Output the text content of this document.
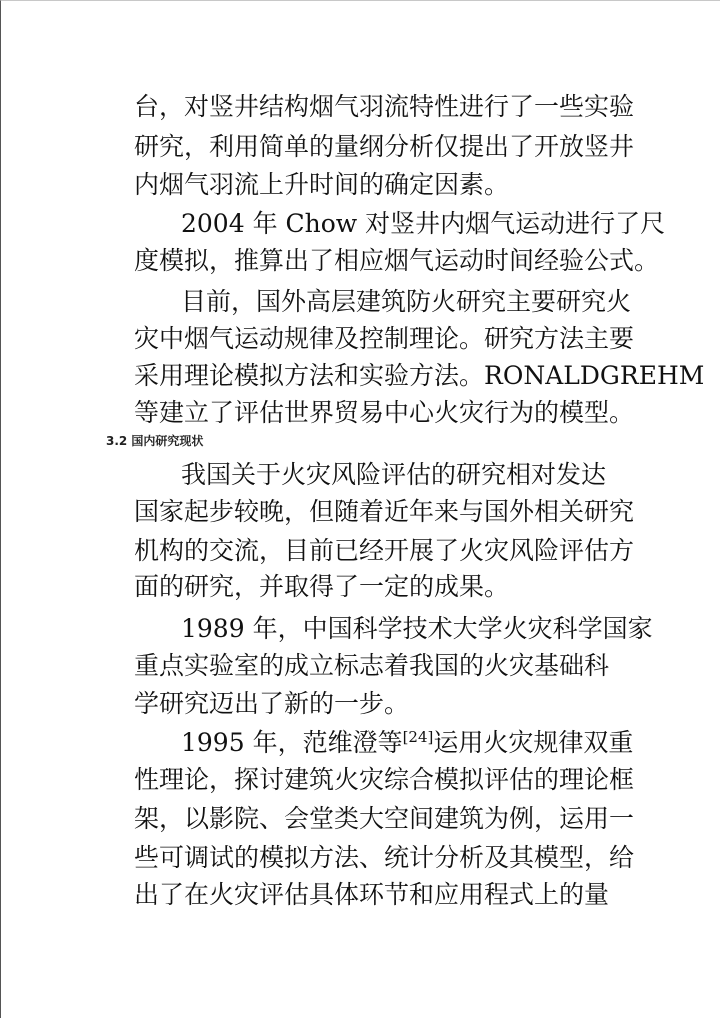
台，对竖井结构烟气羽流特性进行了一些实验

研究，利用简单的量纲分析仅提出了开放竖井

内烟气羽流上升时间的确定因素。

2004 年 Chow 对竖井内烟气运动进行了尺

度模拟，推算出了相应烟气运动时间经验公式。

目前，国外高层建筑防火研究主要研究火

灾中烟气运动规律及控制理论。研究方法主要

采用理论模拟方法和实验方法。RONALDGREHM

等建立了评估世界贸易中心火灾行为的模型。

3.2 国内研究现状

我国关于火灾风险评估的研究相对发达

国家起步较晚，但随着近年来与国外相关研究

机构的交流，目前已经开展了火灾风险评估方

面的研究，并取得了一定的成果。

1989 年，中国科学技术大学火灾科学国家

重点实验室的成立标志着我国的火灾基础科

学研究迈出了新的一步。

1995 年，范维澄等[24]运用火灾规律双重

性理论，探讨建筑火灾综合模拟评估的理论框

架，以影院、会堂类大空间建筑为例，运用一

些可调试的模拟方法、统计分析及其模型，给

出了在火灾评估具体环节和应用程式上的量
